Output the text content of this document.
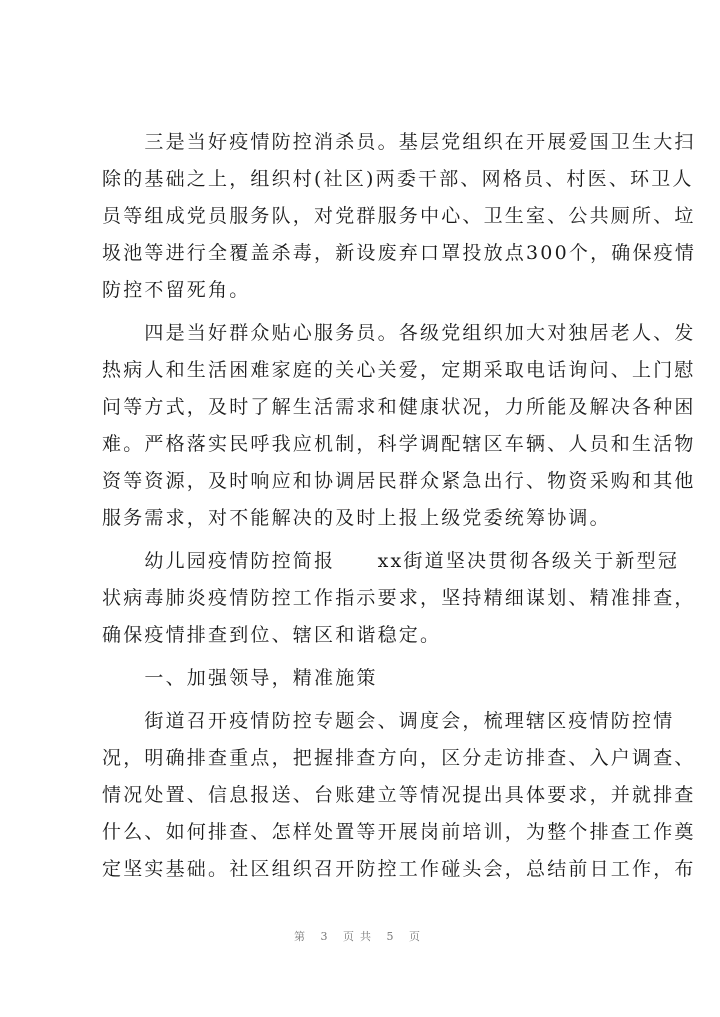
　　三是当好疫情防控消杀员。基层党组织在开展爱国卫生大扫
除的基础之上，组织村(社区)两委干部、网格员、村医、环卫人
员等组成党员服务队，对党群服务中心、卫生室、公共厕所、垃
圾池等进行全覆盖杀毒，新设废弃口罩投放点300个，确保疫情
防控不留死角。

　　四是当好群众贴心服务员。各级党组织加大对独居老人、发
热病人和生活困难家庭的关心关爱，定期采取电话询问、上门慰
问等方式，及时了解生活需求和健康状况，力所能及解决各种困
难。严格落实民呼我应机制，科学调配辖区车辆、人员和生活物
资等资源，及时响应和协调居民群众紧急出行、物资采购和其他
服务需求，对不能解决的及时上报上级党委统筹协调。

　　幼儿园疫情防控简报　　xx街道坚决贯彻各级关于新型冠
状病毒肺炎疫情防控工作指示要求，坚持精细谋划、精准排查，
确保疫情排查到位、辖区和谐稳定。

　　一、加强领导，精准施策

　　街道召开疫情防控专题会、调度会，梳理辖区疫情防控情
况，明确排查重点，把握排查方向，区分走访排查、入户调查、
情况处置、信息报送、台账建立等情况提出具体要求，并就排查
什么、如何排查、怎样处置等开展岗前培训，为整个排查工作奠
定坚实基础。社区组织召开防控工作碰头会，总结前日工作，布

第 3 页共 5 页
